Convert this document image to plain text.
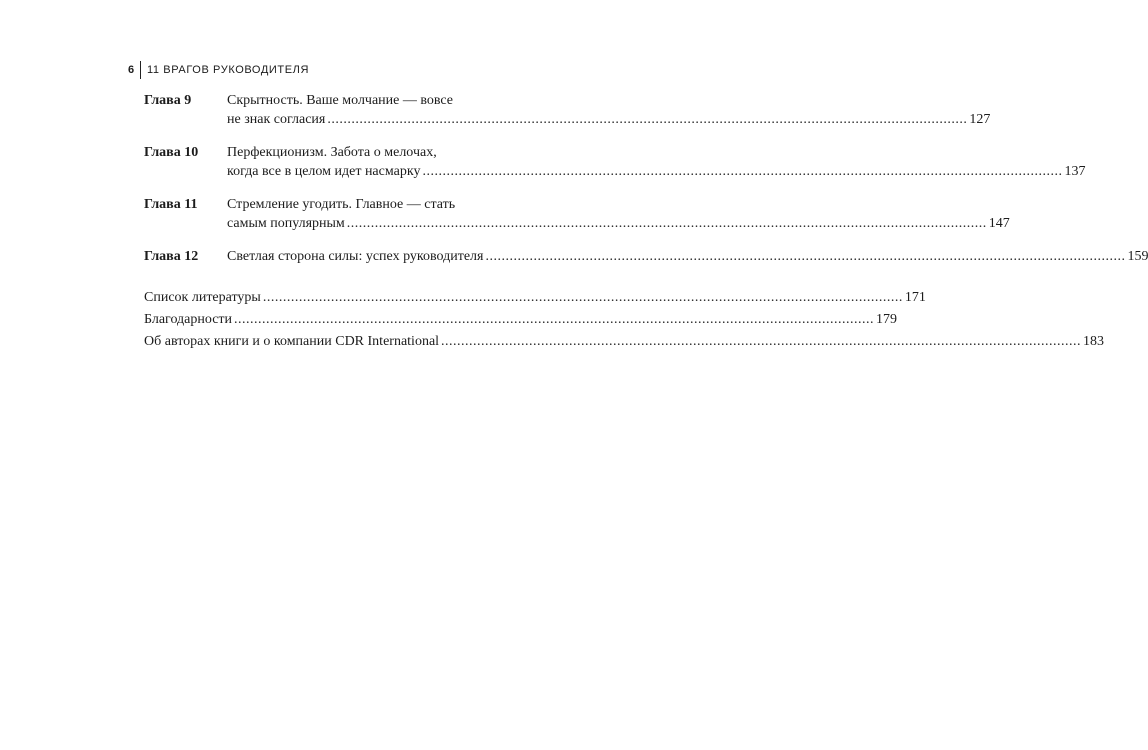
6	11 ВРАГОВ РУКОВОДИТЕЛЯ
Глава 9	Скрытность. Ваше молчание — вовсе
не знак согласия .....	127
Глава 10	Перфекционизм. Забота о мелочах,
когда все в целом идет насмарку .....	137
Глава 11	Стремление угодить. Главное — стать
самым популярным .....	147
Глава 12	Светлая сторона силы: успех руководителя .....	159
Список литературы .....	171
Благодарности .....	179
Об авторах книги и о компании CDR International .....	183
